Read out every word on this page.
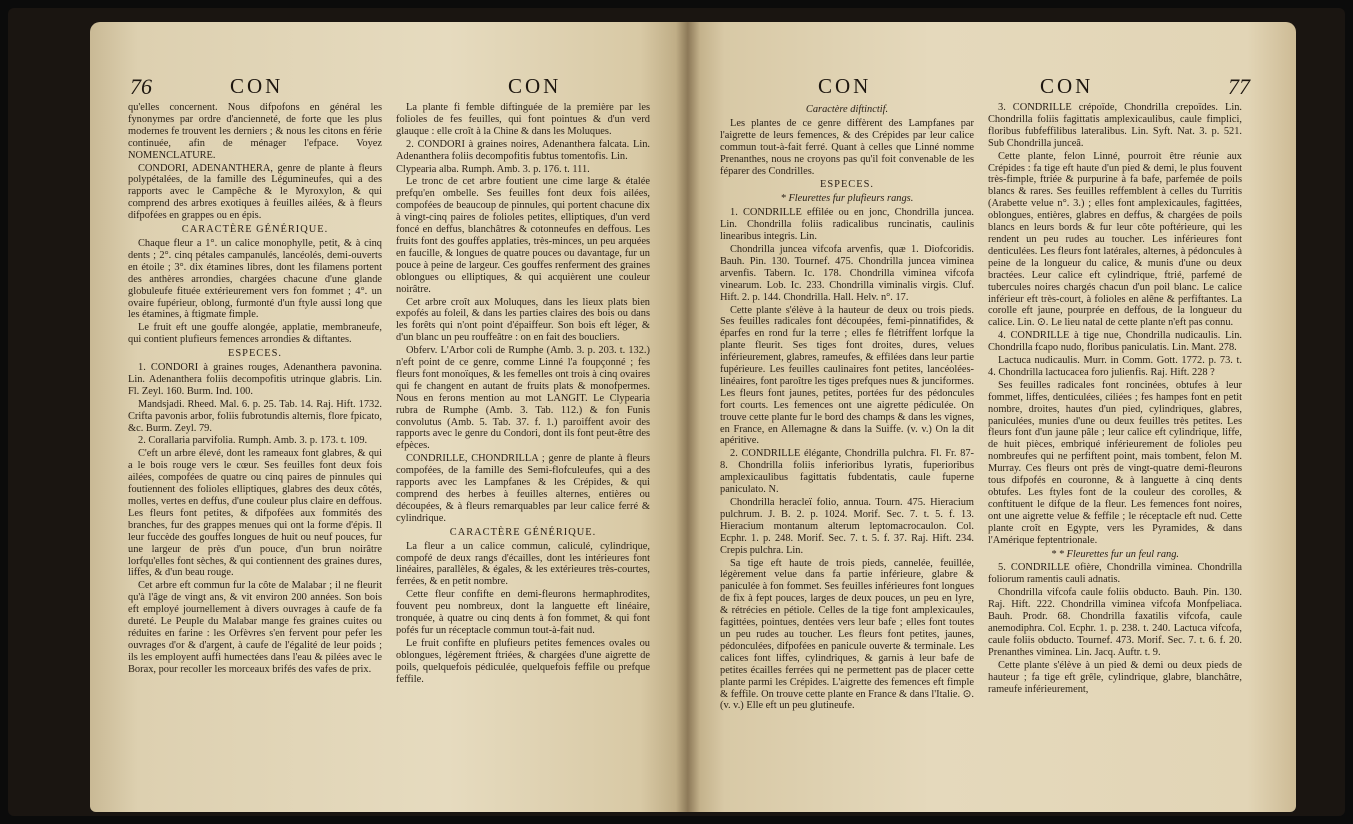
76	CON	CON

qu'elles concernent. Nous difpofons en général les fynonymes par ordre d'ancienneté, de forte que les plus modernes fe trouvent les derniers ; & nous les citons en férie continuée, afin de ménager l'efpace. Voyez NOMENCLATURE.

CONDORI, ADENANTHERA, genre de plante à fleurs polypétalées, de la famille des Légumineufes, qui a des rapports avec le Campêche & le Myroxylon, & qui comprend des arbres exotiques à feuilles ailées, & à fleurs difpofées en grappes ou en épis.

CARACTÈRE GÉNÉRIQUE.

Chaque fleur a 1°. un calice monophylle, petit, & à cinq dents ; 2°. cinq pétales campanulés, lancéolés, demi-ouverts en étoile ; 3°. dix étamines libres, dont les filamens portent des anthères arrondies, chargées chacune d'une glande globuleufe fituée extérieurement vers fon fommet ; 4°. un ovaire fupérieur, oblong, furmonté d'un ftyle aussi long que les étamines, à ftigmate fimple.

Le fruit eft une gouffe alongée, applatie, membraneufe, qui contient plufieurs femences arrondies & diftantes.

ESPECES.

1. CONDORI à graines rouges, Adenanthera pavonina. Lin. Adenanthera foliis decompofitis utrinque glabris. Lin. Fl. Zeyl. 160. Burm. Ind. 100.

Mandsjadi. Rheed. Mal. 6. p. 25. Tab. 14. Raj. Hift. 1732. Crifta pavonis arbor, foliis fubrotundis alternis, flore fpicato, &c. Burm. Zeyl. 79.

2. Corallaria parvifolia. Rumph. Amb. 3. p. 173. t. 109.

C'eft un arbre élevé, dont les rameaux font glabres, & qui a le bois rouge vers le cœur. Ses feuilles font deux fois ailées, compofées de quatre ou cinq paires de pinnules qui foutiennent des folioles elliptiques, glabres des deux côtés, molles, vertes en deffus, d'une couleur plus claire en deffous. Les fleurs font petites, & difpofées aux fommités des branches, fur des grappes menues qui ont la forme d'épis. Il leur fuccède des gouffes longues de huit ou neuf pouces, fur une largeur de près d'un pouce, d'un brun noirâtre lorfqu'elles font sèches, & qui contiennent des graines dures, liffes, & d'un beau rouge.

Cet arbre eft commun fur la côte de Malabar ; il ne fleurit qu'à l'âge de vingt ans, & vit environ 200 années. Son bois eft employé journellement à divers ouvrages à caufe de fa dureté. Le Peuple du Malabar mange fes graines cuites ou réduites en farine : les Orfèvres s'en fervent pour pefer les ouvrages d'or & d'argent, à caufe de l'égalité de leur poids ; ils les employent auffi humectées dans l'eau & pilées avec le Borax, pour recoller les morceaux brifés des vafes de prix.

La plante fi femble diftinguée de la première par les folioles de fes feuilles, qui font pointues & d'un verd glauque : elle croît à la Chine & dans les Moluques.

2. CONDORI à graines noires, Adenanthera falcata. Lin. Adenanthera foliis decompofitis fubtus tomentofis. Lin.

Clypearia alba. Rumph. Amb. 3. p. 176. t. 111.

Le tronc de cet arbre foutient une cime large & étalée prefqu'en ombelle. Ses feuilles font deux fois ailées, compofées de beaucoup de pinnules, qui portent chacune dix à vingt-cinq paires de folioles petites, elliptiques, d'un verd foncé en deffus, blanchâtres & cotonneufes en deffous. Les fruits font des gouffes applaties, très-minces, un peu arquées en faucille, & longues de quatre pouces ou davantage, fur un pouce à peine de largeur. Ces gouffes renferment des graines oblongues ou elliptiques, & qui acquièrent une couleur noirâtre.

Cet arbre croît aux Moluques, dans les lieux plats bien expofés au foleil, & dans les parties claires des bois ou dans les forêts qui n'ont point d'épaiffeur. Son bois eft léger, & d'un blanc un peu rouffeâtre : on en fait des boucliers.

Obferv. L'Arbor coli de Rumphe (Amb. 3. p. 203. t. 132.) n'eft point de ce genre, comme Linné l'a foupçonné ; fes fleurs font monoïques, & les femelles ont trois à cinq ovaires qui fe changent en autant de fruits plats & monofpermes. Nous en ferons mention au mot LANGIT. Le Clypearia rubra de Rumphe (Amb. 3. Tab. 112.) & fon Funis convolutus (Amb. 5. Tab. 37. f. 1.) paroiffent avoir des rapports avec le genre du Condori, dont ils font peut-être des efpèces.

CONDRILLE, CHONDRILLA ; genre de plante à fleurs compofées, de la famille des Semi-flofculeufes, qui a des rapports avec les Lampfanes & les Crépides, & qui comprend des herbes à feuilles alternes, entières ou découpées, & à fleurs remarquables par leur calice ferré & cylindrique.

CARACTÈRE GÉNÉRIQUE.

La fleur a un calice commun, caliculé, cylindrique, compofé de deux rangs d'écailles, dont les intérieures font linéaires, parallèles, & égales, & les extérieures très-courtes, ferrées, & en petit nombre.

Cette fleur confifte en demi-fleurons hermaphrodites, fouvent peu nombreux, dont la languette eft linéaire, tronquée, à quatre ou cinq dents à fon fommet, & qui font pofés fur un réceptacle commun tout-à-fait nud.

Le fruit confifte en plufieurs petites femences ovales ou oblongues, légèrement ftriées, & chargées d'une aigrette de poils, quelquefois pédiculée, quelquefois feffile ou prefque feffile.

CON	CON	77

Caractère diftinctif.

Les plantes de ce genre diffèrent des Lampfanes par l'aigrette de leurs femences, & des Crépides par leur calice commun tout-à-fait ferré. Quant à celles que Linné nomme Prenanthes, nous ne croyons pas qu'il foit convenable de les féparer des Condrilles.

ESPECES.

* Fleurettes fur plufieurs rangs.

1. CONDRILLE effilée ou en jonc, Chondrilla juncea. Lin. Chondrilla foliis radicalibus runcinatis, caulinis linearibus integris. Lin.

Chondrilla juncea vifcofa arvenfis, quæ 1. Diofcoridis. Bauh. Pin. 130. Tournef. 475. Chondrilla juncea viminea arvenfis. Tabern. Ic. 178. Chondrilla viminea vifcofa vinearum. Lob. Ic. 233. Chondrilla viminalis virgis. Cluf. Hift. 2. p. 144. Chondrilla. Hall. Helv. n°. 17.

Cette plante s'élève à la hauteur de deux ou trois pieds. Ses feuilles radicales font découpées, femi-pinnatifides, & éparfes en rond fur la terre ; elles fe flétriffent lorfque la plante fleurit. Ses tiges font droites, dures, velues inférieurement, glabres, rameufes, & effilées dans leur partie fupérieure. Les feuilles caulinaires font petites, lancéolées-linéaires, font paroître les tiges prefques nues & junciformes. Les fleurs font jaunes, petites, portées fur des pédoncules fort courts. Les femences ont une aigrette pédiculée. On trouve cette plante fur le bord des champs & dans les vignes, en France, en Allemagne & dans la Suiffe. (v. v.) On la dit apéritive.

2. CONDRILLE élégante, Chondrilla pulchra. Fl. Fr. 87-8. Chondrilla foliis inferioribus lyratis, fuperioribus amplexicaulibus fagittatis fubdentatis, caule fuperne paniculato. N.

Chondrilla heracleï folio, annua. Tourn. 475. Hieracium pulchrum. J. B. 2. p. 1024. Morif. Sec. 7. t. 5. f. 13. Hieracium montanum alterum leptomacrocaulon. Col. Ecphr. 1. p. 248. Morif. Sec. 7. t. 5. f. 37. Raj. Hift. 234. Crepis pulchra. Lin.

Sa tige eft haute de trois pieds, cannelée, feuillée, légèrement velue dans fa partie inférieure, glabre & paniculée à fon fommet. Ses feuilles inférieures font longues de fix à fept pouces, larges de deux pouces, un peu en lyre, & rétrécies en pétiole. Celles de la tige font amplexicaules, fagittées, pointues, dentées vers leur bafe ; elles font toutes un peu rudes au toucher. Les fleurs font petites, jaunes, pédonculées, difpofées en panicule ouverte & terminale. Les calices font liffes, cylindriques, & garnis à leur bafe de petites écailles ferrées qui ne permettent pas de placer cette plante parmi les Crépides. L'aigrette des femences eft fimple & feffile. On trouve cette plante en France & dans l'Italie. ⊙. (v. v.) Elle eft un peu glutineufe.

3. CONDRILLE crépoïde, Chondrilla crepoïdes. Lin. Chondrilla foliis fagittatis amplexicaulibus, caule fimplici, floribus fubfeffilibus lateralibus. Lin. Syft. Nat. 3. p. 521. Sub Chondrilla junceâ.

Cette plante, felon Linné, pourroit être réunie aux Crépides : fa tige eft haute d'un pied & demi, le plus fouvent très-fimple, ftriée & purpurine à fa bafe, parfemée de poils blancs & rares. Ses feuilles reffemblent à celles du Turritis (Arabette velue n°. 3.) ; elles font amplexicaules, fagittées, oblongues, entières, glabres en deffus, & chargées de poils blancs en leurs bords & fur leur côte poftérieure, qui les rendent un peu rudes au toucher. Les inférieures font denticulées. Les fleurs font latérales, alternes, à pédoncules à peine de la longueur du calice, & munis d'une ou deux bractées. Leur calice eft cylindrique, ftrié, parfemé de tubercules noires chargés chacun d'un poil blanc. Le calice inférieur eft très-court, à folioles en alêne & perfiftantes. La corolle eft jaune, pourprée en deffous, de la longueur du calice. Lin. ⊙. Le lieu natal de cette plante n'eft pas connu.

4. CONDRILLE à tige nue, Chondrilla nudicaulis. Lin. Chondrilla fcapo nudo, floribus paniculatis. Lin. Mant. 278.

Lactuca nudicaulis. Murr. in Comm. Gott. 1772. p. 73. t. 4. Chondrilla lactucacea foro julienfis. Raj. Hift. 228 ?

Ses feuilles radicales font roncinées, obtufes à leur fommet, liffes, denticulées, ciliées ; fes hampes font en petit nombre, droites, hautes d'un pied, cylindriques, glabres, paniculées, munies d'une ou deux feuilles très petites. Les fleurs font d'un jaune pâle ; leur calice eft cylindrique, liffe, de huit pièces, embriqué inférieurement de folioles peu nombreufes qui ne perfiftent point, mais tombent, felon M. Murray. Ces fleurs ont près de vingt-quatre demi-fleurons tous difpofés en couronne, & à languette à cinq dents obtufes. Les ftyles font de la couleur des corolles, & conftituent le difque de la fleur. Les femences font noires, ont une aigrette velue & feffile ; le réceptacle eft nud. Cette plante croît en Egypte, vers les Pyramides, & dans l'Amérique feptentrionale.

* * Fleurettes fur un feul rang.

5. CONDRILLE ofière, Chondrilla viminea. Chondrilla foliorum ramentis cauli adnatis.

Chondrilla vifcofa caule foliis obducto. Bauh. Pin. 130. Raj. Hift. 222. Chondrilla viminea vifcofa Monfpeliaca. Bauh. Prodr. 68. Chondrilla faxatilis vifcofa, caule anemodiphra. Col. Ecphr. 1. p. 238. t. 240. Lactuca vifcofa, caule foliis obducto. Tournef. 473. Morif. Sec. 7. t. 6. f. 20. Prenanthes viminea. Lin. Jacq. Auftr. t. 9.

Cette plante s'élève à un pied & demi ou deux pieds de hauteur ; fa tige eft grêle, cylindrique, glabre, blanchâtre, rameufe inférieurement,
